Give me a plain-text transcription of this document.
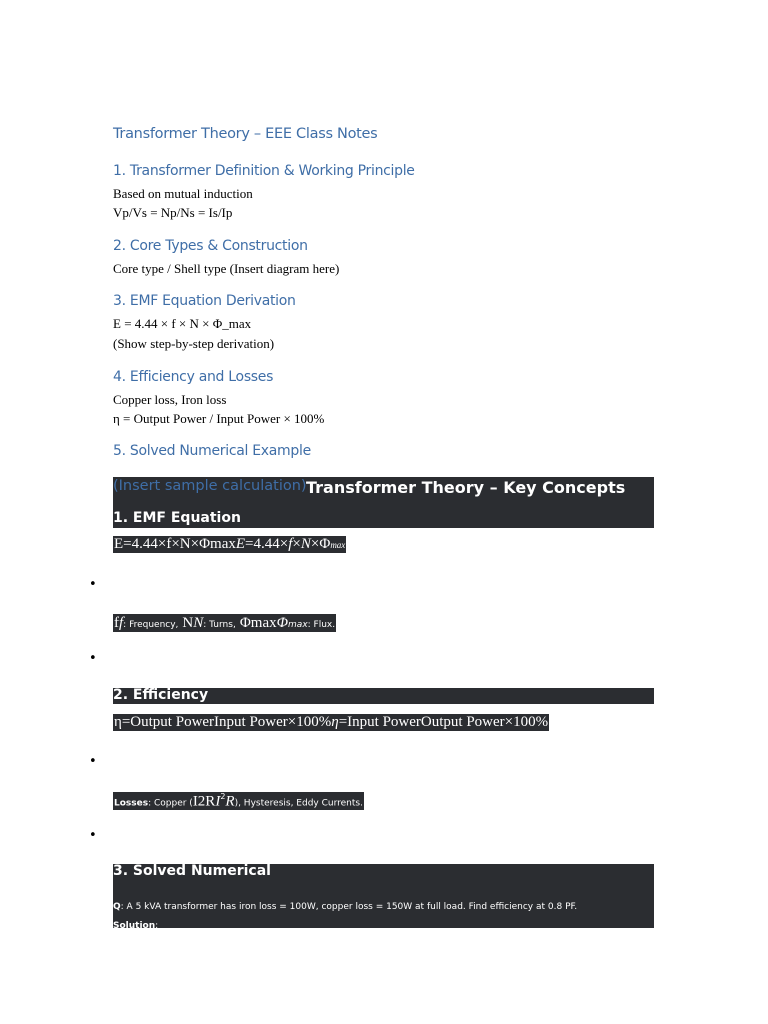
Transformer Theory – EEE Class Notes
1. Transformer Definition & Working Principle
Based on mutual induction
Vp/Vs = Np/Ns = Is/Ip
2. Core Types & Construction
Core type / Shell type (Insert diagram here)
3. EMF Equation Derivation
E = 4.44 × f × N × Φ_max
(Show step-by-step derivation)
4. Efficiency and Losses
Copper loss, Iron loss
η = Output Power / Input Power × 100%
5. Solved Numerical Example
(Insert sample calculation) Transformer Theory – Key Concepts
1. EMF Equation
E=4.44×f×N×ΦmaxE=4.44×f×N×Φmax
•
ff: Frequency, NN: Turns, ΦmaxΦmax: Flux.
•
2. Efficiency
η=Output PowerInput Power×100%η=Input PowerOutput Power×100%
•
Losses: Copper $(I2RI^2R)$, Hysteresis, Eddy Currents.
•
3. Solved Numerical
Q: A 5 kVA transformer has iron loss = 100W, copper loss = 150W at full load. Find efficiency at 0.8 PF.
Solution:
